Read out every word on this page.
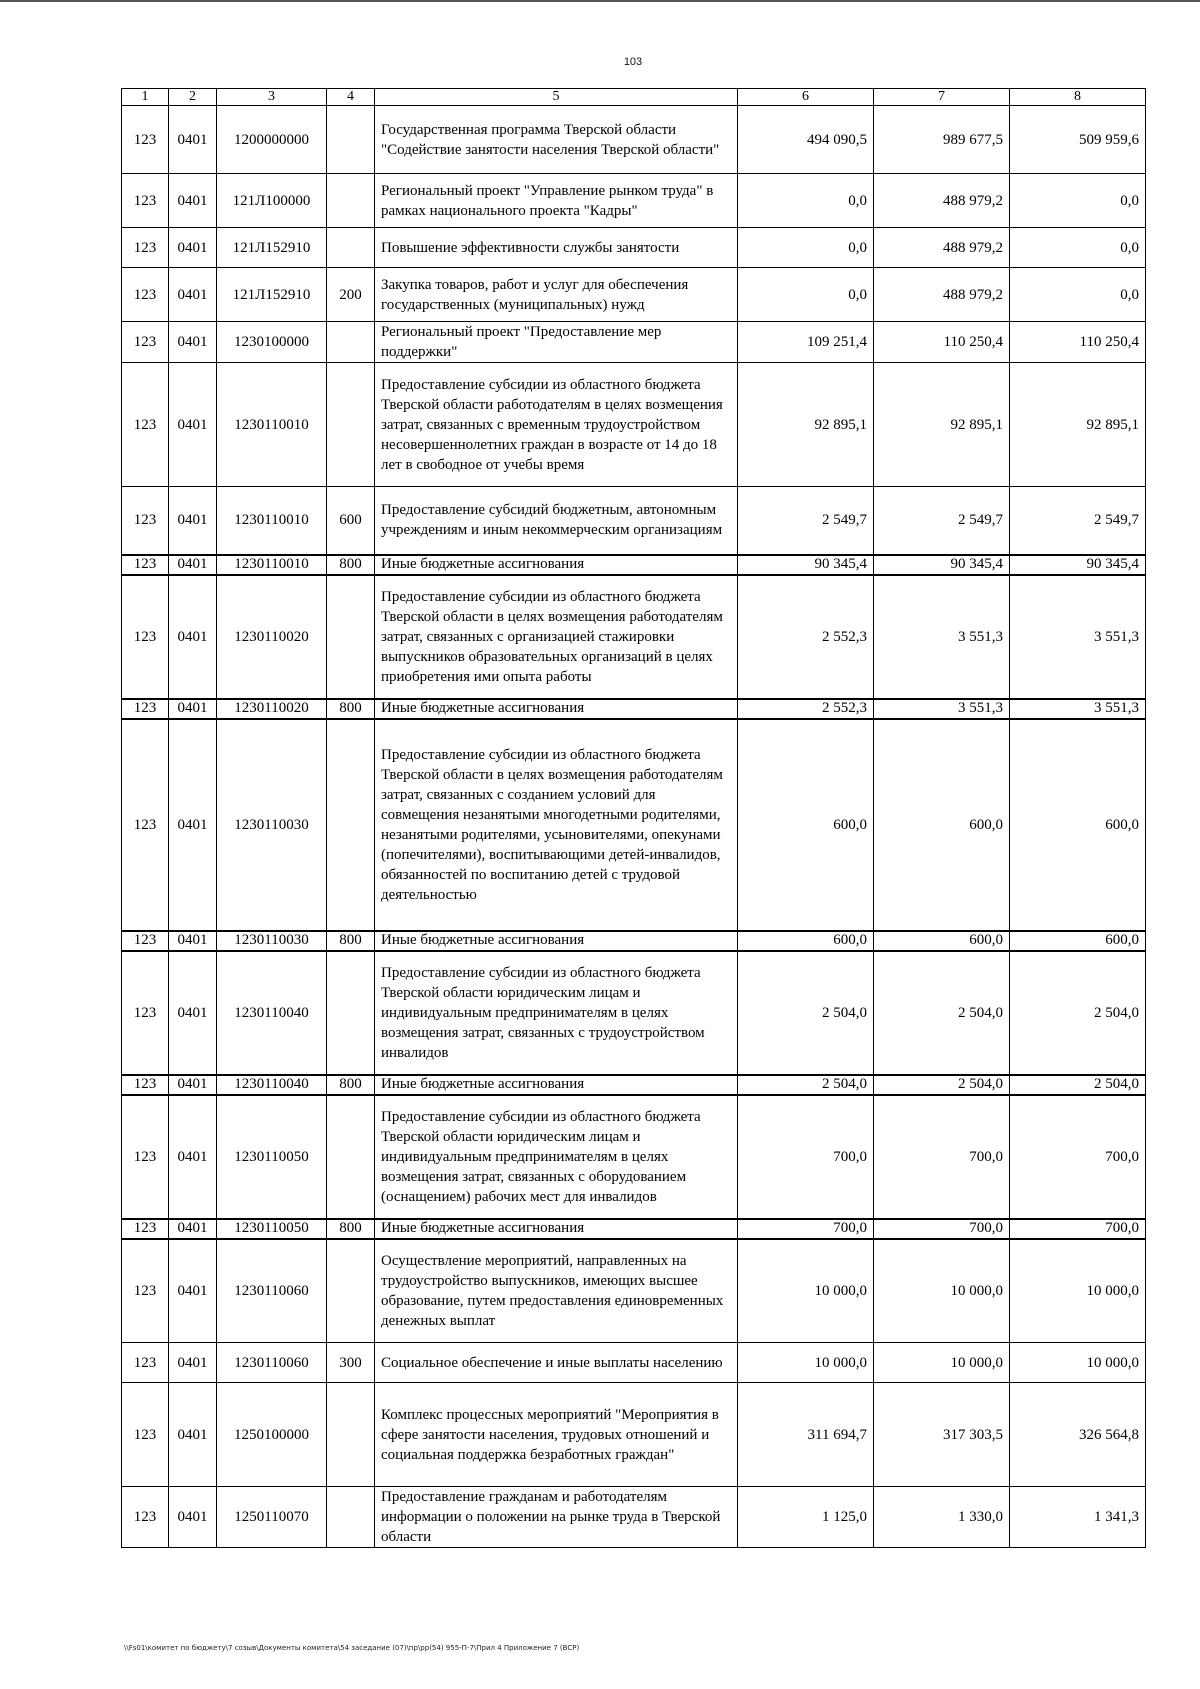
103
1	2	3	4	5	6	7	8
123	0401	1200000000		Государственная программа Тверской области "Содействие занятости населения Тверской области"	494 090,5	989 677,5	509 959,6
123	0401	121Л100000		Региональный проект "Управление рынком труда" в рамках национального проекта "Кадры"	0,0	488 979,2	0,0
123	0401	121Л152910		Повышение эффективности службы занятости	0,0	488 979,2	0,0
123	0401	121Л152910	200	Закупка товаров, работ и услуг для обеспечения государственных (муниципальных) нужд	0,0	488 979,2	0,0
123	0401	1230100000		Региональный проект "Предоставление мер поддержки"	109 251,4	110 250,4	110 250,4
123	0401	1230110010		Предоставление субсидии из областного бюджета Тверской области работодателям в целях возмещения затрат, связанных с временным трудоустройством несовершеннолетних граждан в возрасте от 14 до 18 лет в свободное от учебы время	92 895,1	92 895,1	92 895,1
123	0401	1230110010	600	Предоставление субсидий бюджетным, автономным учреждениям и иным некоммерческим организациям	2 549,7	2 549,7	2 549,7
123	0401	1230110010	800	Иные бюджетные ассигнования	90 345,4	90 345,4	90 345,4
123	0401	1230110020		Предоставление субсидии из областного бюджета Тверской области в целях возмещения работодателям затрат, связанных с организацией стажировки выпускников образовательных организаций в целях приобретения ими опыта работы	2 552,3	3 551,3	3 551,3
123	0401	1230110020	800	Иные бюджетные ассигнования	2 552,3	3 551,3	3 551,3
123	0401	1230110030		Предоставление субсидии из областного бюджета Тверской области в целях возмещения работодателям затрат, связанных с созданием условий для совмещения незанятыми многодетными родителями, незанятыми родителями, усыновителями, опекунами (попечителями), воспитывающими детей-инвалидов, обязанностей по воспитанию детей с трудовой деятельностью	600,0	600,0	600,0
123	0401	1230110030	800	Иные бюджетные ассигнования	600,0	600,0	600,0
123	0401	1230110040		Предоставление субсидии из областного бюджета Тверской области юридическим лицам и индивидуальным предпринимателям в целях возмещения затрат, связанных с трудоустройством инвалидов	2 504,0	2 504,0	2 504,0
123	0401	1230110040	800	Иные бюджетные ассигнования	2 504,0	2 504,0	2 504,0
123	0401	1230110050		Предоставление субсидии из областного бюджета Тверской области юридическим лицам и индивидуальным предпринимателям в целях возмещения затрат, связанных с оборудованием (оснащением) рабочих мест для инвалидов	700,0	700,0	700,0
123	0401	1230110050	800	Иные бюджетные ассигнования	700,0	700,0	700,0
123	0401	1230110060		Осуществление мероприятий, направленных на трудоустройство выпускников, имеющих высшее образование, путем предоставления единовременных денежных выплат	10 000,0	10 000,0	10 000,0
123	0401	1230110060	300	Социальное обеспечение и иные выплаты населению	10 000,0	10 000,0	10 000,0
123	0401	1250100000		Комплекс процессных мероприятий "Мероприятия в сфере занятости населения, трудовых отношений и социальная поддержка безработных граждан"	311 694,7	317 303,5	326 564,8
123	0401	1250110070		Предоставление гражданам и работодателям информации о положении на рынке труда в Тверской области	1 125,0	1 330,0	1 341,3
\\Fs01\комитет по бюджету\7 созыв\Документы комитета\54 заседание (07)\пр\рр(54) 955-П-7\Прил 4 Приложение 7 (ВСР)
